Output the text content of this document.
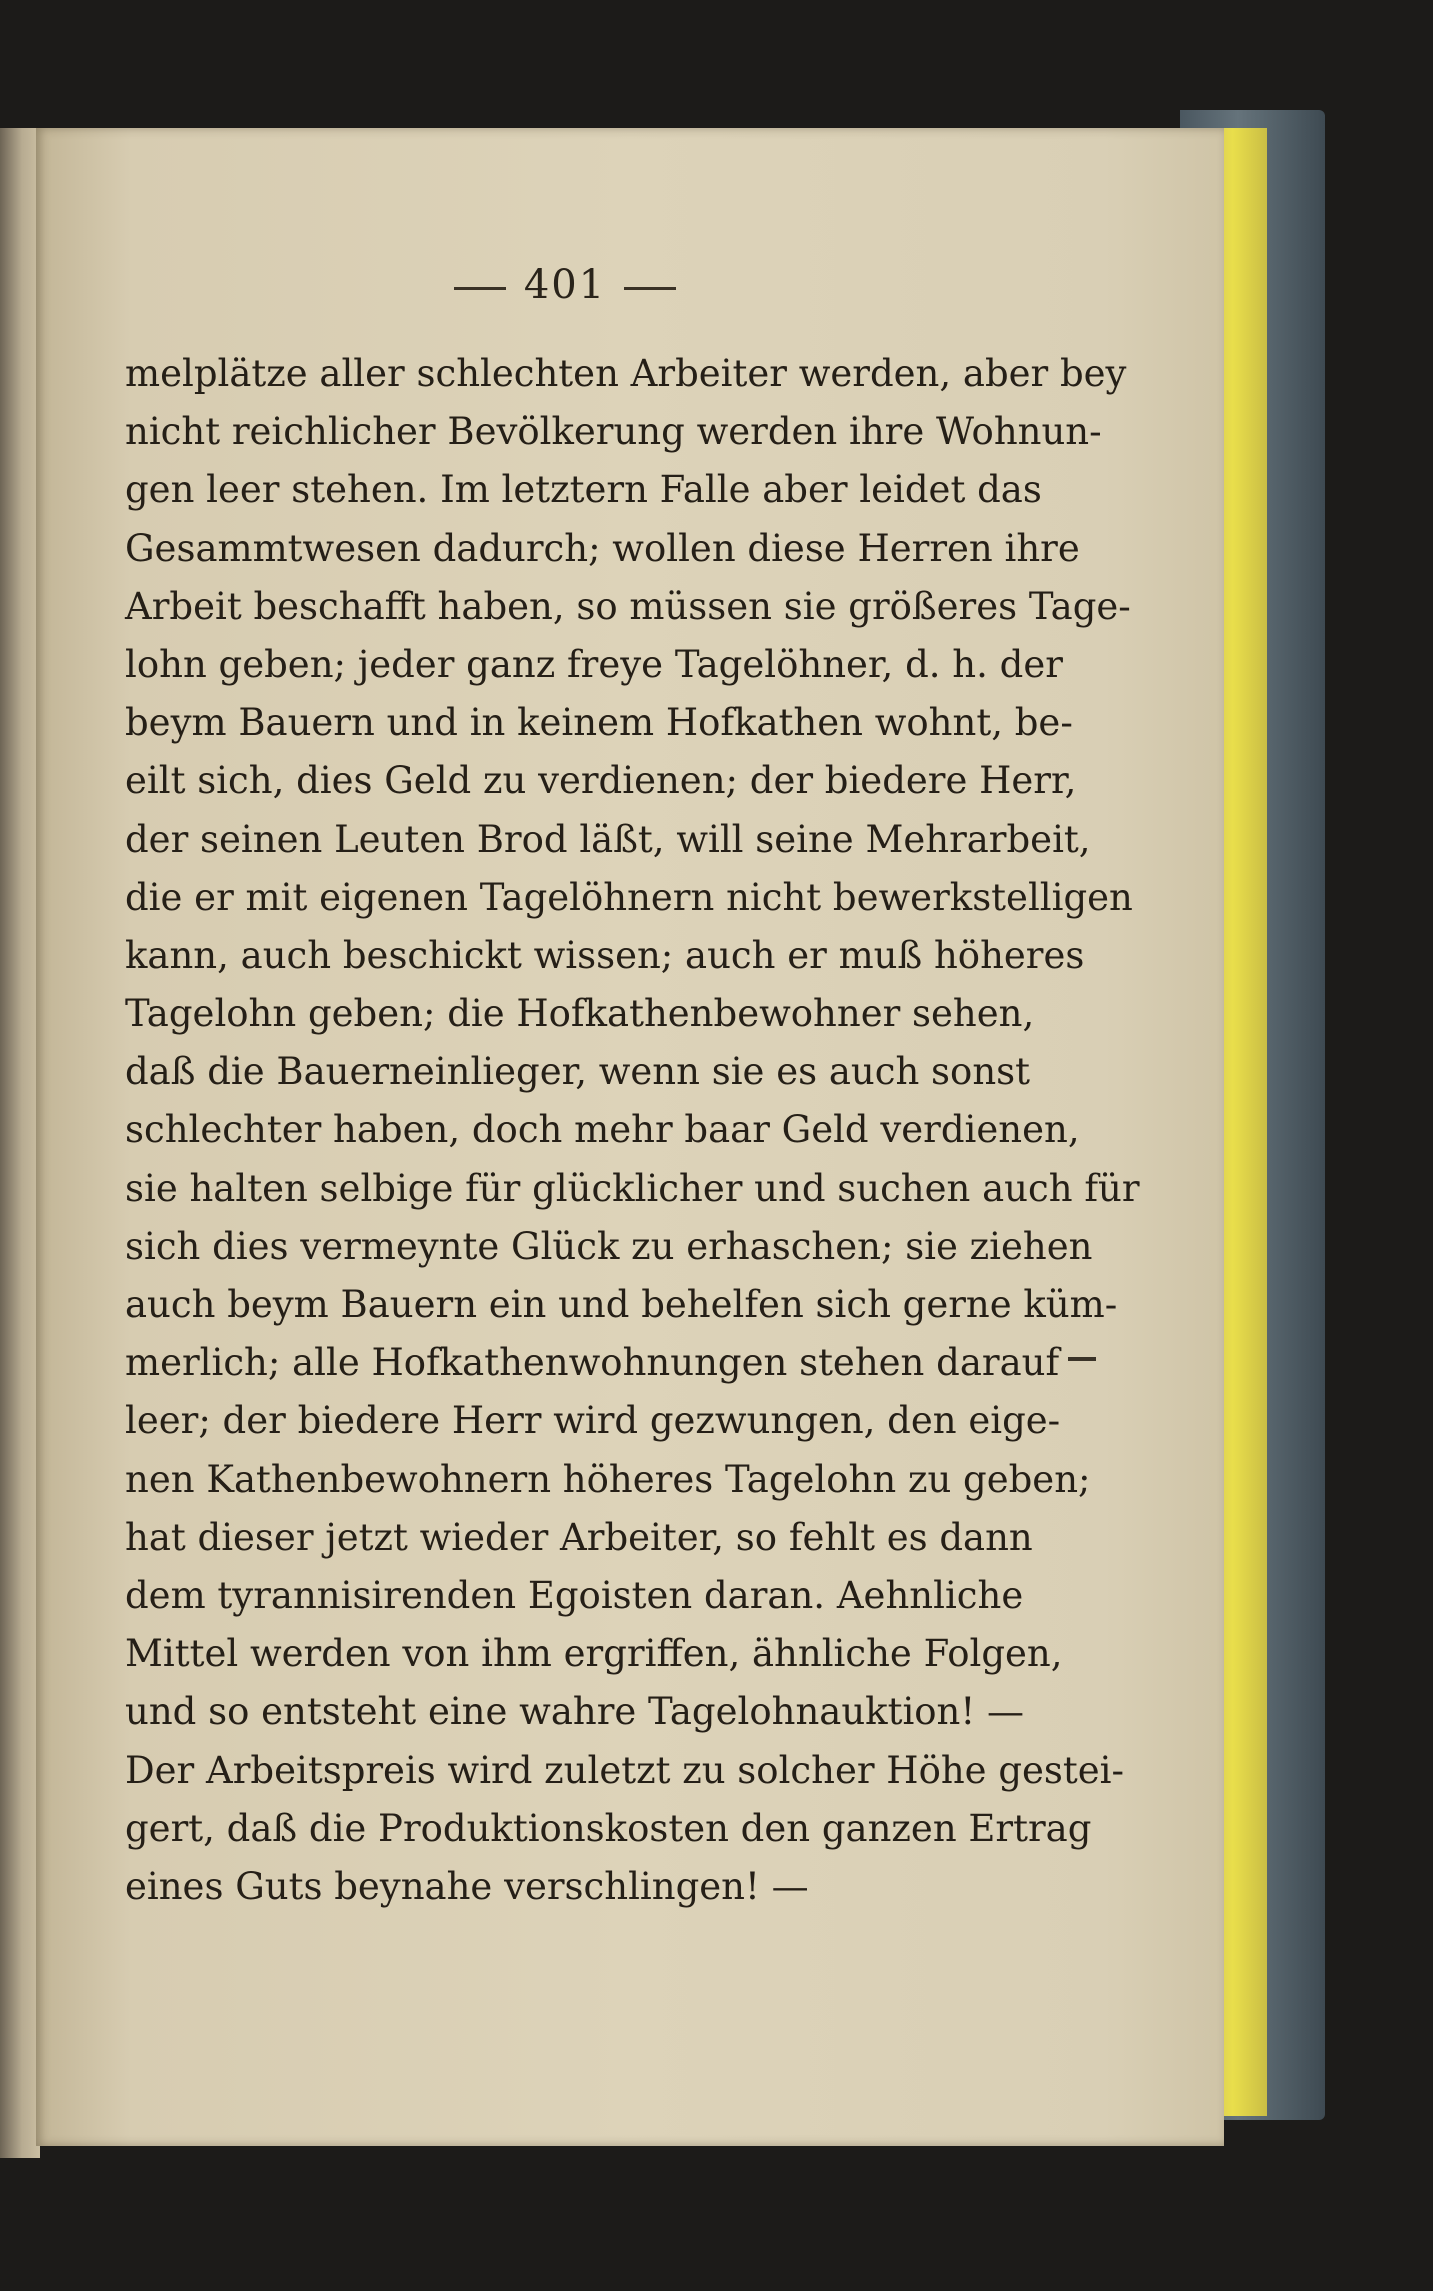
401
melplätze aller schlechten Arbeiter werden, aber bey
nicht reichlicher Bevölkerung werden ihre Wohnun-
gen leer stehen. Im letztern Falle aber leidet das
Gesammtwesen dadurch; wollen diese Herren ihre
Arbeit beschafft haben, so müssen sie größeres Tage-
lohn geben; jeder ganz freye Tagelöhner, d. h. der
beym Bauern und in keinem Hofkathen wohnt, be-
eilt sich, dies Geld zu verdienen; der biedere Herr,
der seinen Leuten Brod läßt, will seine Mehrarbeit,
die er mit eigenen Tagelöhnern nicht bewerkstelligen
kann, auch beschickt wissen; auch er muß höheres
Tagelohn geben; die Hofkathenbewohner sehen,
daß die Bauerneinlieger, wenn sie es auch sonst
schlechter haben, doch mehr baar Geld verdienen,
sie halten selbige für glücklicher und suchen auch für
sich dies vermeynte Glück zu erhaschen; sie ziehen
auch beym Bauern ein und behelfen sich gerne küm-
merlich; alle Hofkathenwohnungen stehen darauf
leer; der biedere Herr wird gezwungen, den eige-
nen Kathenbewohnern höheres Tagelohn zu geben;
hat dieser jetzt wieder Arbeiter, so fehlt es dann
dem tyrannisirenden Egoisten daran. Aehnliche
Mittel werden von ihm ergriffen, ähnliche Folgen,
und so entsteht eine wahre Tagelohnauktion! —
Der Arbeitspreis wird zuletzt zu solcher Höhe gestei-
gert, daß die Produktionskosten den ganzen Ertrag
eines Guts beynahe verschlingen! —
